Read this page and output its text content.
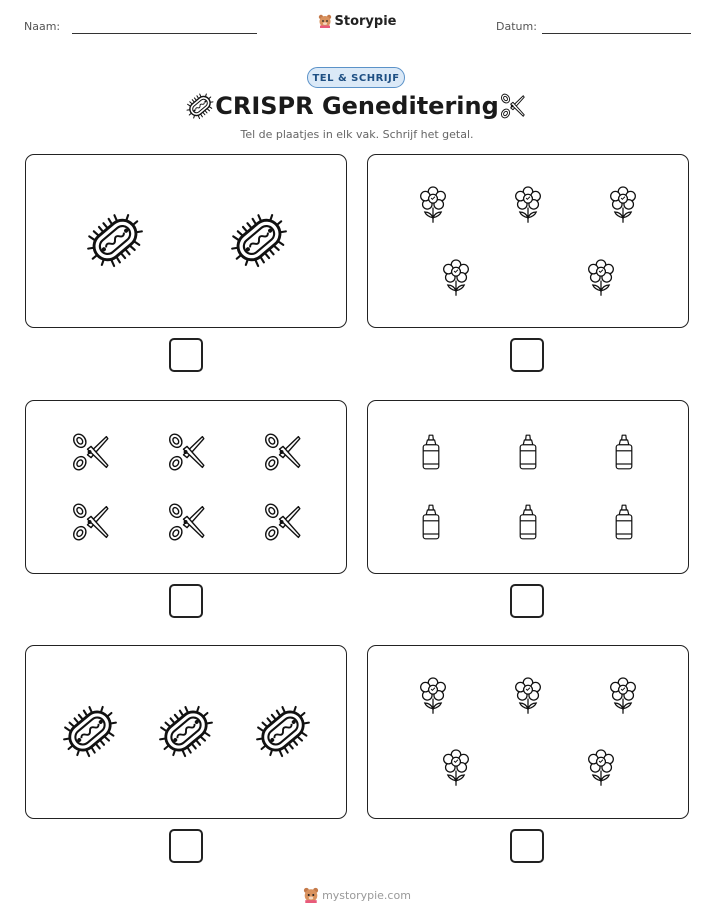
Naam:	Storypie	Datum:
TEL & SCHRIJF
CRISPR Geneditering
Tel de plaatjes in elk vak. Schrijf het getal.
mystorypie.com
